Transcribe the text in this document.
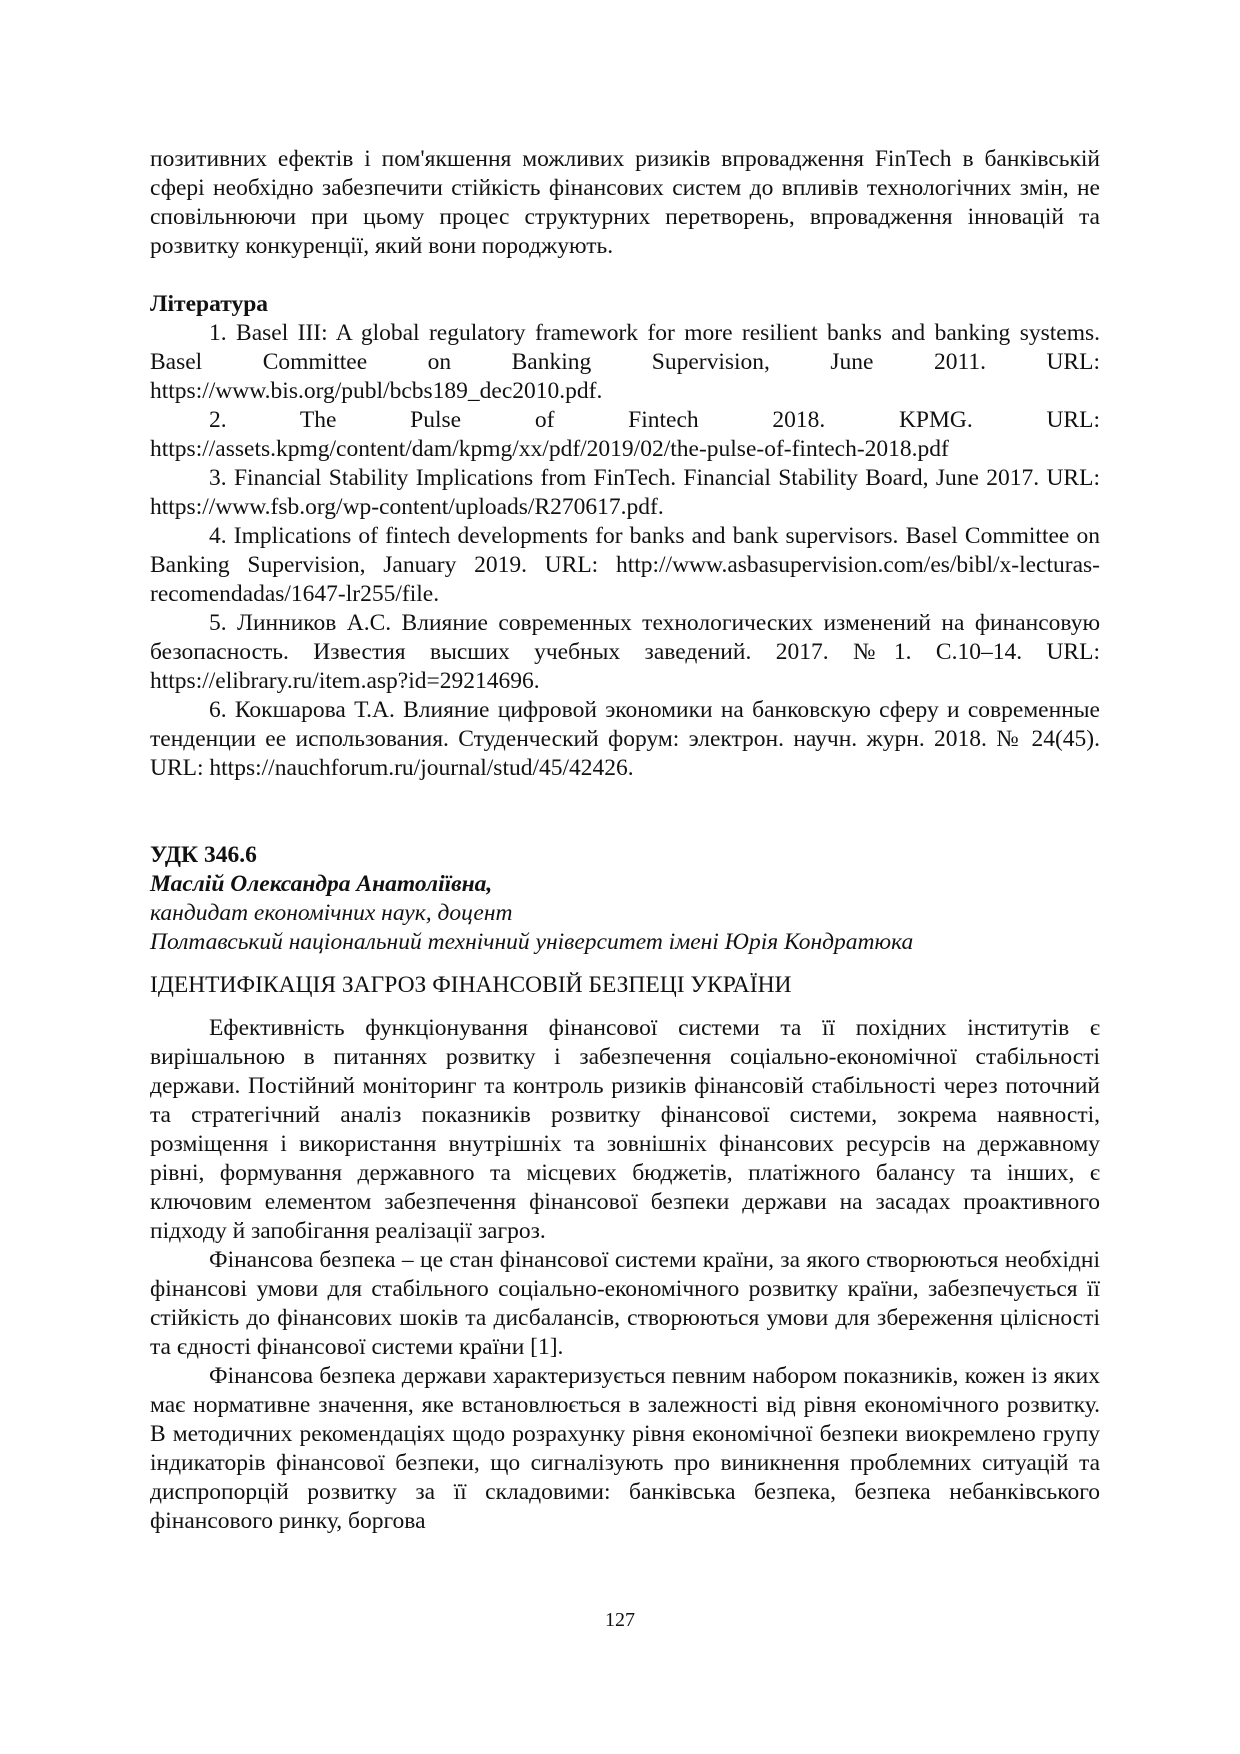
позитивних ефектів і пом'якшення можливих ризиків впровадження FinTech в банківській сфері необхідно забезпечити стійкість фінансових систем до впливів технологічних змін, не сповільнюючи при цьому процес структурних перетворень, впровадження інновацій та розвитку конкуренції, який вони породжують.

Література

1. Basel III: A global regulatory framework for more resilient banks and banking systems. Basel Committee on Banking Supervision, June 2011. URL: https://www.bis.org/publ/bcbs189_dec2010.pdf.

2. The Pulse of Fintech 2018. KPMG. URL: https://assets.kpmg/content/dam/kpmg/xx/pdf/2019/02/the-pulse-of-fintech-2018.pdf

3. Financial Stability Implications from FinTech. Financial Stability Board, June 2017. URL: https://www.fsb.org/wp-content/uploads/R270617.pdf.

4. Implications of fintech developments for banks and bank supervisors. Basel Committee on Banking Supervision, January 2019. URL: http://www.asbasupervision.com/es/bibl/x-lecturas-recomendadas/1647-lr255/file.

5. Линников А.С. Влияние современных технологических изменений на финансовую безопасность. Известия высших учебных заведений. 2017. №1. С.10–14. URL: https://elibrary.ru/item.asp?id=29214696.

6. Кокшарова Т.А. Влияние цифровой экономики на банковскую сферу и современные тенденции ее использования. Студенческий форум: электрон. научн. журн. 2018. № 24(45). URL: https://nauchforum.ru/journal/stud/45/42426.

УДК 346.6

Маслій Олександра Анатоліївна,

кандидат економічних наук, доцент

Полтавський національний технічний університет імені Юрія Кондратюка

ІДЕНТИФІКАЦІЯ ЗАГРОЗ ФІНАНСОВІЙ БЕЗПЕЦІ УКРАЇНИ

Ефективність функціонування фінансової системи та її похідних інститутів є вирішальною в питаннях розвитку і забезпечення соціально-економічної стабільності держави. Постійний моніторинг та контроль ризиків фінансовій стабільності через поточний та стратегічний аналіз показників розвитку фінансової системи, зокрема наявності, розміщення і використання внутрішніх та зовнішніх фінансових ресурсів на державному рівні, формування державного та місцевих бюджетів, платіжного балансу та інших, є ключовим елементом забезпечення фінансової безпеки держави на засадах проактивного підходу й запобігання реалізації загроз.

Фінансова безпека – це стан фінансової системи країни, за якого створюються необхідні фінансові умови для стабільного соціально-економічного розвитку країни, забезпечується її стійкість до фінансових шоків та дисбалансів, створюються умови для збереження цілісності та єдності фінансової системи країни [1].

Фінансова безпека держави характеризується певним набором показників, кожен із яких має нормативне значення, яке встановлюється в залежності від рівня економічного розвитку. В методичних рекомендаціях щодо розрахунку рівня економічної безпеки виокремлено групу індикаторів фінансової безпеки, що сигналізують про виникнення проблемних ситуацій та диспропорцій розвитку за її складовими: банківська безпека, безпека небанківського фінансового ринку, боргова

127
